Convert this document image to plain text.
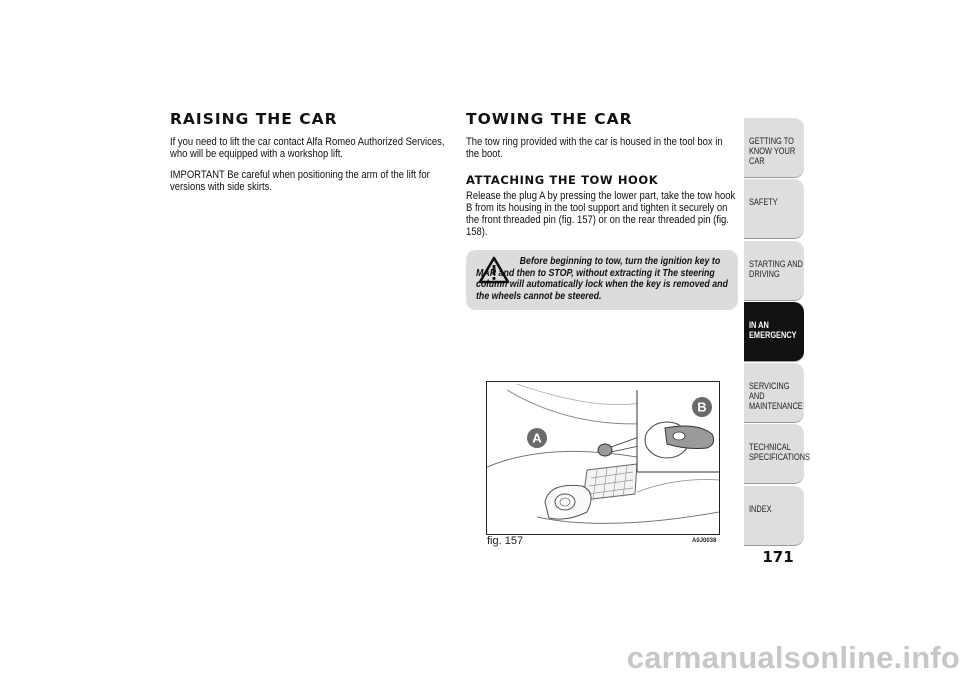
RAISING THE CAR

If you need to lift the car contact Alfa Romeo Authorized Services, who will be equipped with a workshop lift.

IMPORTANT Be careful when positioning the arm of the lift for versions with side skirts.

TOWING THE CAR

The tow ring provided with the car is housed in the tool box in the boot.

ATTACHING THE TOW HOOK

Release the plug A by pressing the lower part, take the tow hook B from its housing in the tool support and tighten it securely on the front threaded pin (fig. 157) or on the rear threaded pin (fig. 158).

Before beginning to tow, turn the ignition key to MAR and then to STOP, without extracting it The steering column will automatically lock when the key is removed and the wheels cannot be steered.
A
B
fig. 157	A0J0038
GETTING TO KNOW YOUR CAR
SAFETY
STARTING AND DRIVING
IN AN EMERGENCY
SERVICING AND MAINTENANCE
TECHNICAL SPECIFICATIONS
INDEX
171
carmanualsonline.info
